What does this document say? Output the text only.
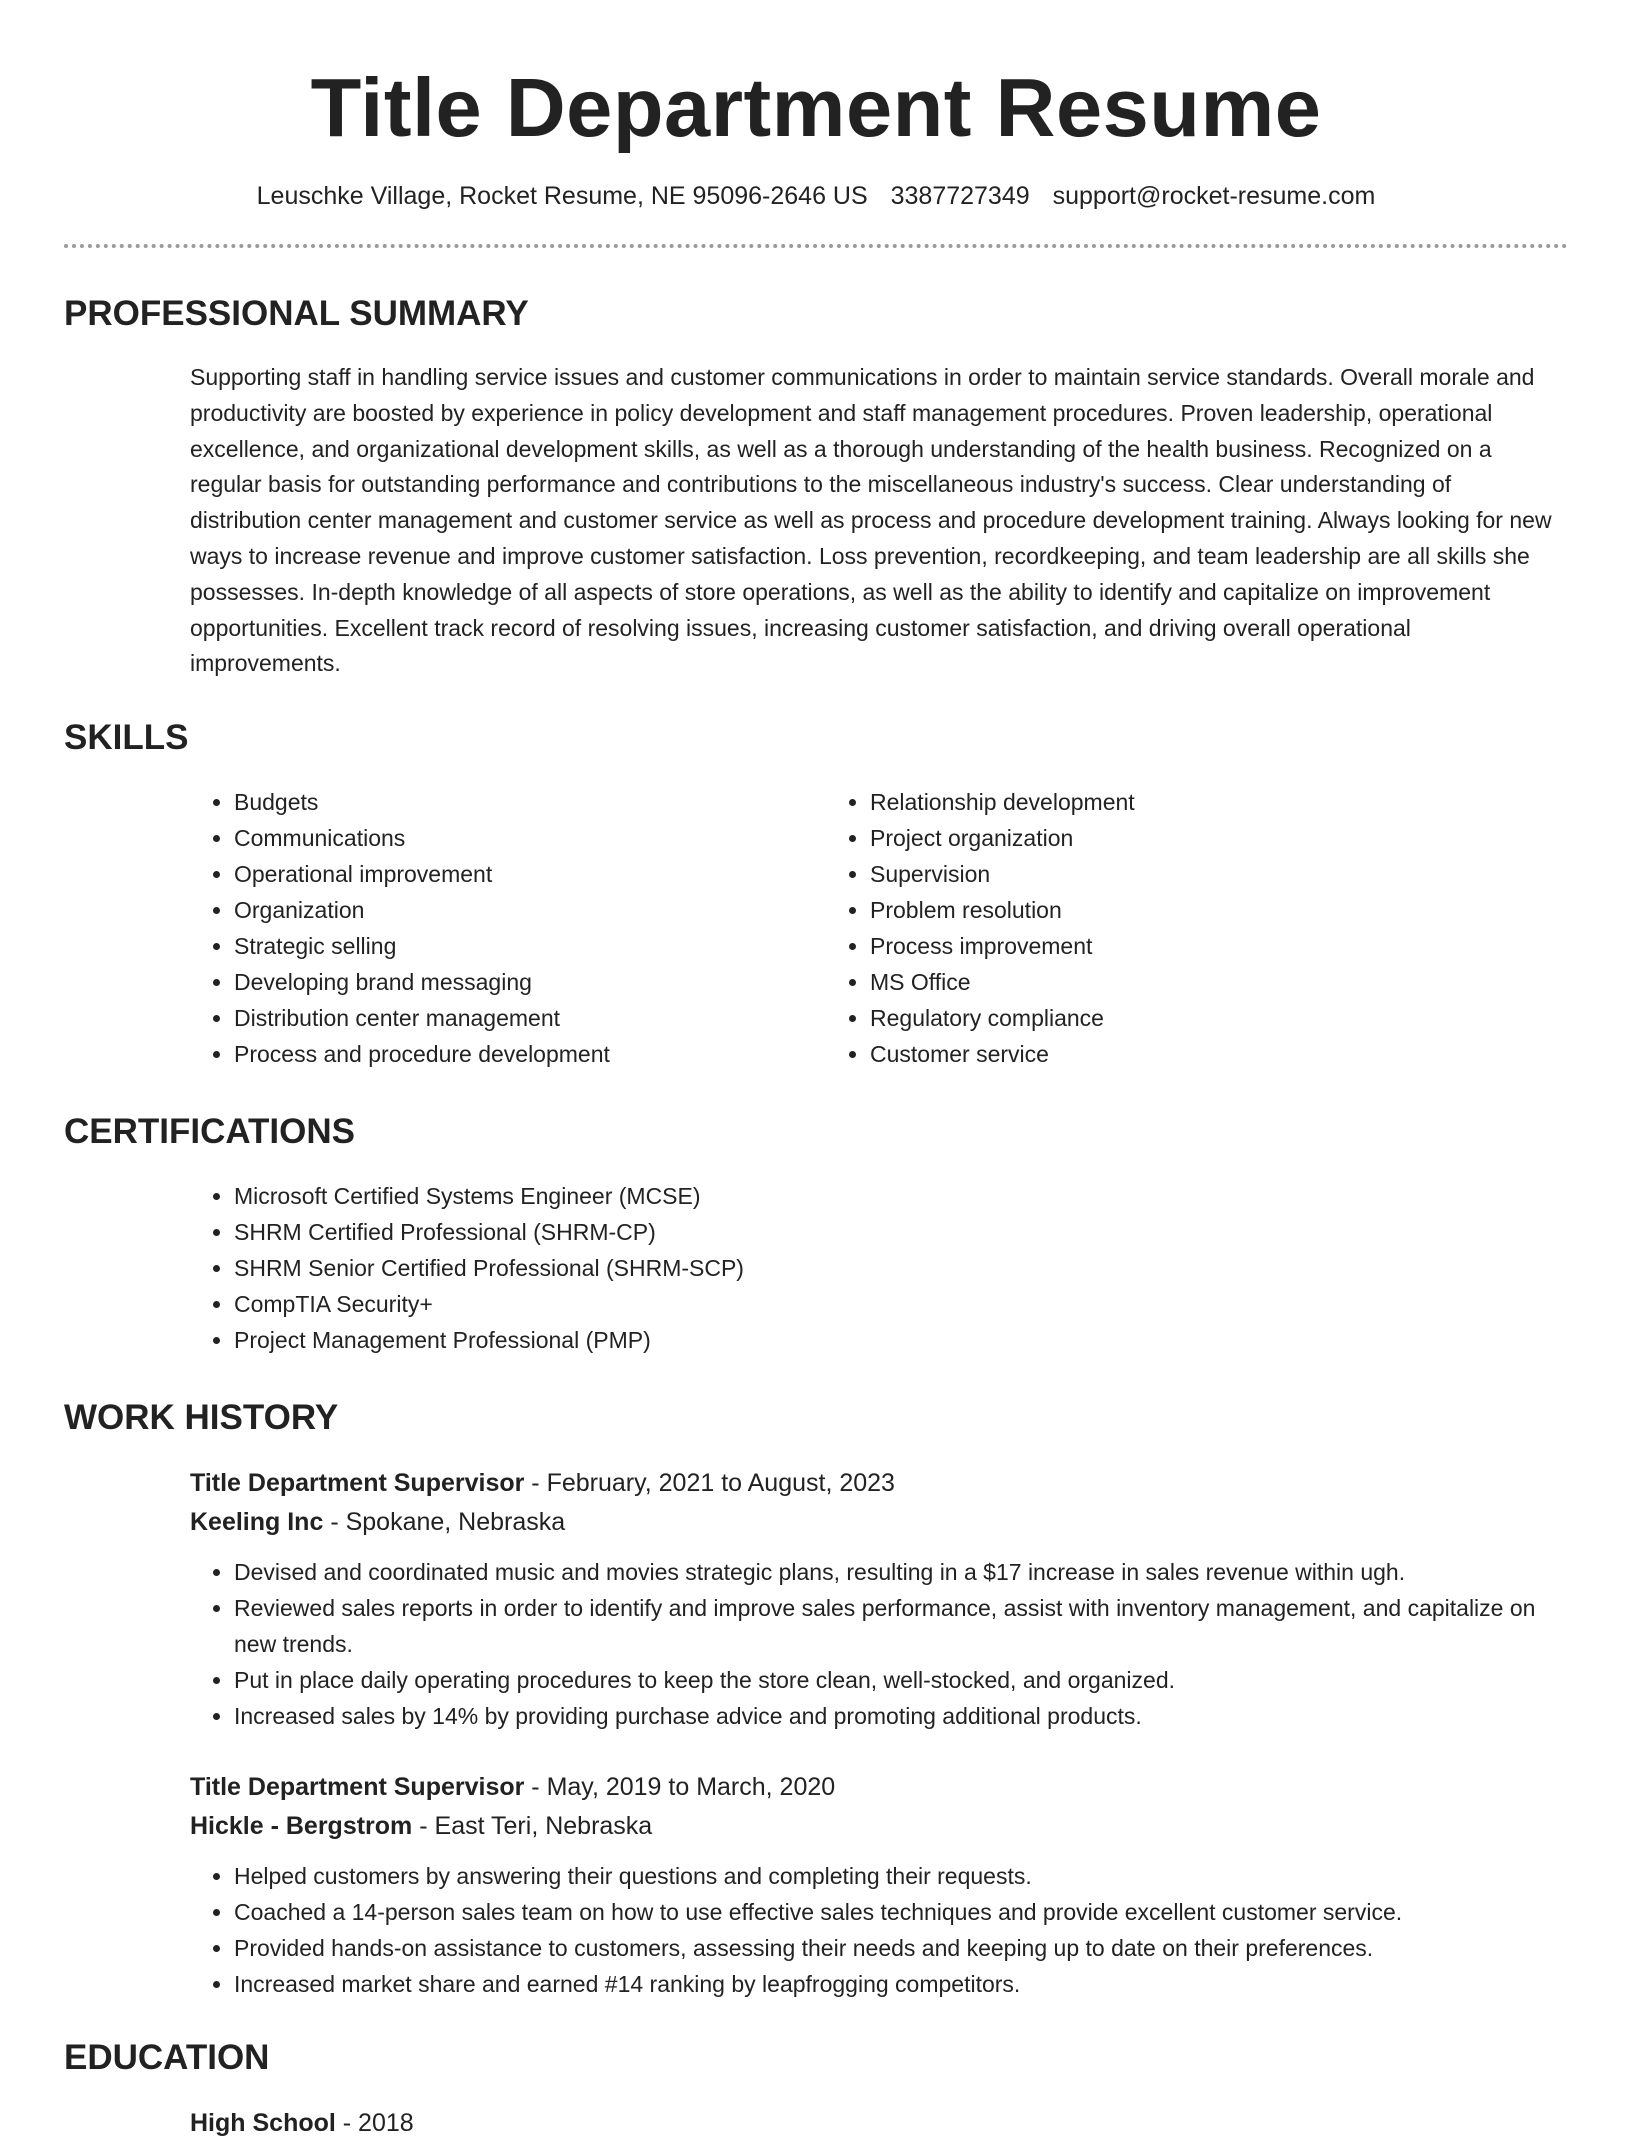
Title Department Resume
Leuschke Village, Rocket Resume, NE 95096-2646 US 3387727349 support@rocket-resume.com
PROFESSIONAL SUMMARY

Supporting staff in handling service issues and customer communications in order to maintain service standards. Overall morale and productivity are boosted by experience in policy development and staff management procedures. Proven leadership, operational excellence, and organizational development skills, as well as a thorough understanding of the health business. Recognized on a regular basis for outstanding performance and contributions to the miscellaneous industry's success. Clear understanding of distribution center management and customer service as well as process and procedure development training. Always looking for new ways to increase revenue and improve customer satisfaction. Loss prevention, recordkeeping, and team leadership are all skills she possesses. In-depth knowledge of all aspects of store operations, as well as the ability to identify and capitalize on improvement opportunities. Excellent track record of resolving issues, increasing customer satisfaction, and driving overall operational improvements.

SKILLS
• Budgets
• Communications
• Operational improvement
• Organization
• Strategic selling
• Developing brand messaging
• Distribution center management
• Process and procedure development
• Relationship development
• Project organization
• Supervision
• Problem resolution
• Process improvement
• MS Office
• Regulatory compliance
• Customer service
CERTIFICATIONS
• Microsoft Certified Systems Engineer (MCSE)
• SHRM Certified Professional (SHRM-CP)
• SHRM Senior Certified Professional (SHRM-SCP)
• CompTIA Security+
• Project Management Professional (PMP)
WORK HISTORY
Title Department Supervisor - February, 2021 to August, 2023
Keeling Inc - Spokane, Nebraska
• Devised and coordinated music and movies strategic plans, resulting in a $17 increase in sales revenue within ugh.
• Reviewed sales reports in order to identify and improve sales performance, assist with inventory management, and capitalize on new trends.
• Put in place daily operating procedures to keep the store clean, well-stocked, and organized.
• Increased sales by 14% by providing purchase advice and promoting additional products.
Title Department Supervisor - May, 2019 to March, 2020
Hickle - Bergstrom - East Teri, Nebraska
• Helped customers by answering their questions and completing their requests.
• Coached a 14-person sales team on how to use effective sales techniques and provide excellent customer service.
• Provided hands-on assistance to customers, assessing their needs and keeping up to date on their preferences.
• Increased market share and earned #14 ranking by leapfrogging competitors.
EDUCATION
High School - 2018
